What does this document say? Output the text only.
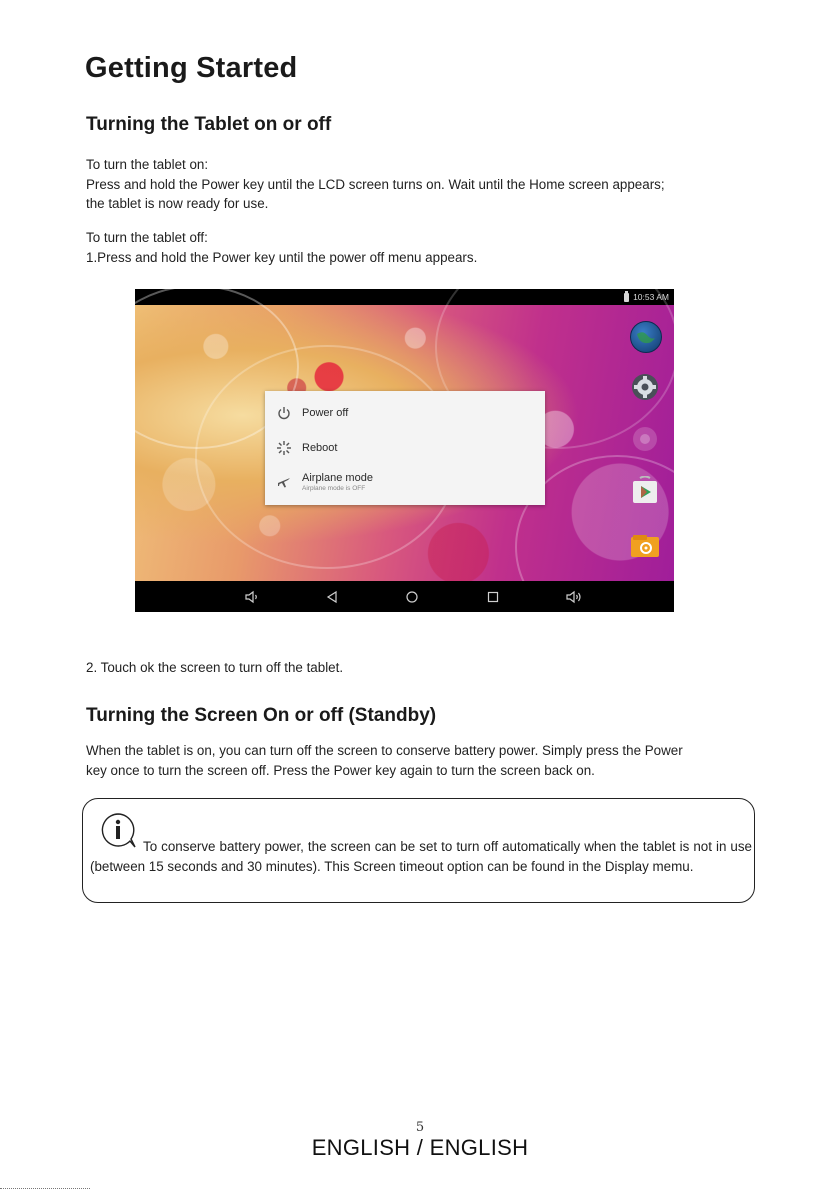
Getting Started
Turning the Tablet on or off

To turn the tablet on:

Press and hold the Power key until the LCD screen turns on. Wait until the Home screen appears;

the tablet is now ready for use.

To turn the tablet off:

1.Press and hold the Power key until the power off menu appears.

10:53 AM
Power off
Reboot
Airplane mode
Airplane mode is OFF

2. Touch ok the screen to turn off the tablet.

Turning the Screen On or off (Standby)

When the tablet is on, you can turn off the screen to conserve battery power. Simply press the Power

key once to turn the screen off. Press the Power key again to turn the screen back on.

To conserve battery power, the screen can be set to turn off automatically when the tablet is not in use (between 15 seconds and 30 minutes). This Screen timeout option can be found in the Display memu.
5
ENGLISH / ENGLISH
